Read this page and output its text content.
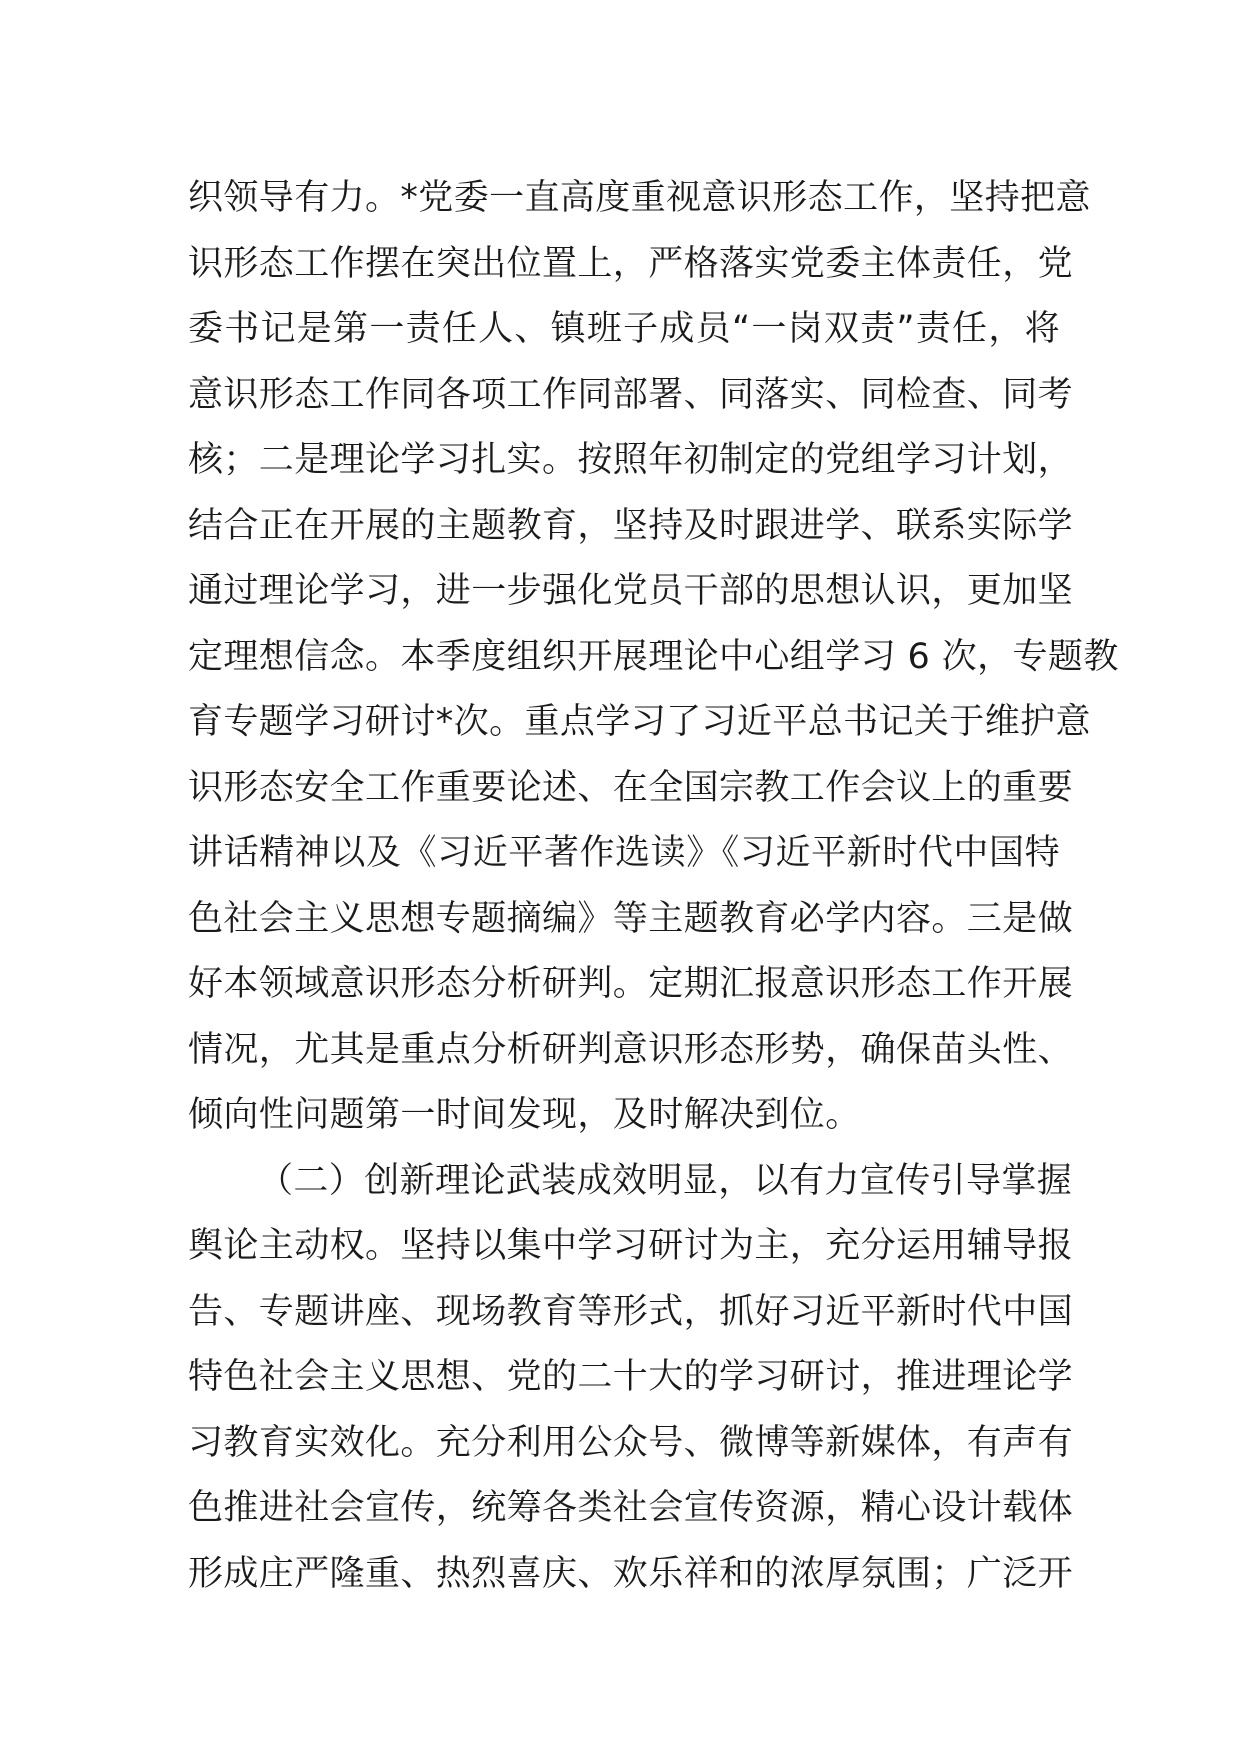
织领导有力。*党委一直高度重视意识形态工作，坚持把意
识形态工作摆在突出位置上，严格落实党委主体责任，党
委书记是第一责任人、镇班子成员“一岗双责”责任，将
意识形态工作同各项工作同部署、同落实、同检查、同考
核；二是理论学习扎实。按照年初制定的党组学习计划，
结合正在开展的主题教育，坚持及时跟进学、联系实际学
通过理论学习，进一步强化党员干部的思想认识，更加坚
定理想信念。本季度组织开展理论中心组学习 6 次，专题教
育专题学习研讨*次。重点学习了习近平总书记关于维护意
识形态安全工作重要论述、在全国宗教工作会议上的重要
讲话精神以及《习近平著作选读》《习近平新时代中国特
色社会主义思想专题摘编》等主题教育必学内容。三是做
好本领域意识形态分析研判。定期汇报意识形态工作开展
情况，尤其是重点分析研判意识形态形势，确保苗头性、
倾向性问题第一时间发现，及时解决到位。
（二）创新理论武装成效明显，以有力宣传引导掌握
舆论主动权。坚持以集中学习研讨为主，充分运用辅导报
告、专题讲座、现场教育等形式，抓好习近平新时代中国
特色社会主义思想、党的二十大的学习研讨，推进理论学
习教育实效化。充分利用公众号、微博等新媒体，有声有
色推进社会宣传，统筹各类社会宣传资源，精心设计载体
形成庄严隆重、热烈喜庆、欢乐祥和的浓厚氛围；广泛开
